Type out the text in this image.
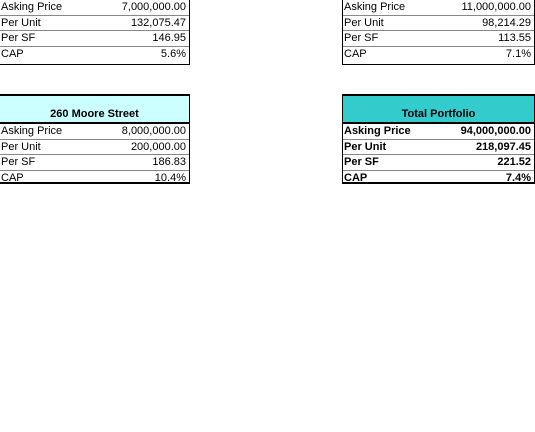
Asking Price	7,000,000.00
Per Unit	132,075.47
Per SF	146.95
CAP	5.6%
Asking Price	11,000,000.00
Per Unit	98,214.29
Per SF	113.55
CAP	7.1%
260 Moore Street
Asking Price	8,000,000.00
Per Unit	200,000.00
Per SF	186.83
CAP	10.4%
Total Portfolio
Asking Price	94,000,000.00
Per Unit	218,097.45
Per SF	221.52
CAP	7.4%
